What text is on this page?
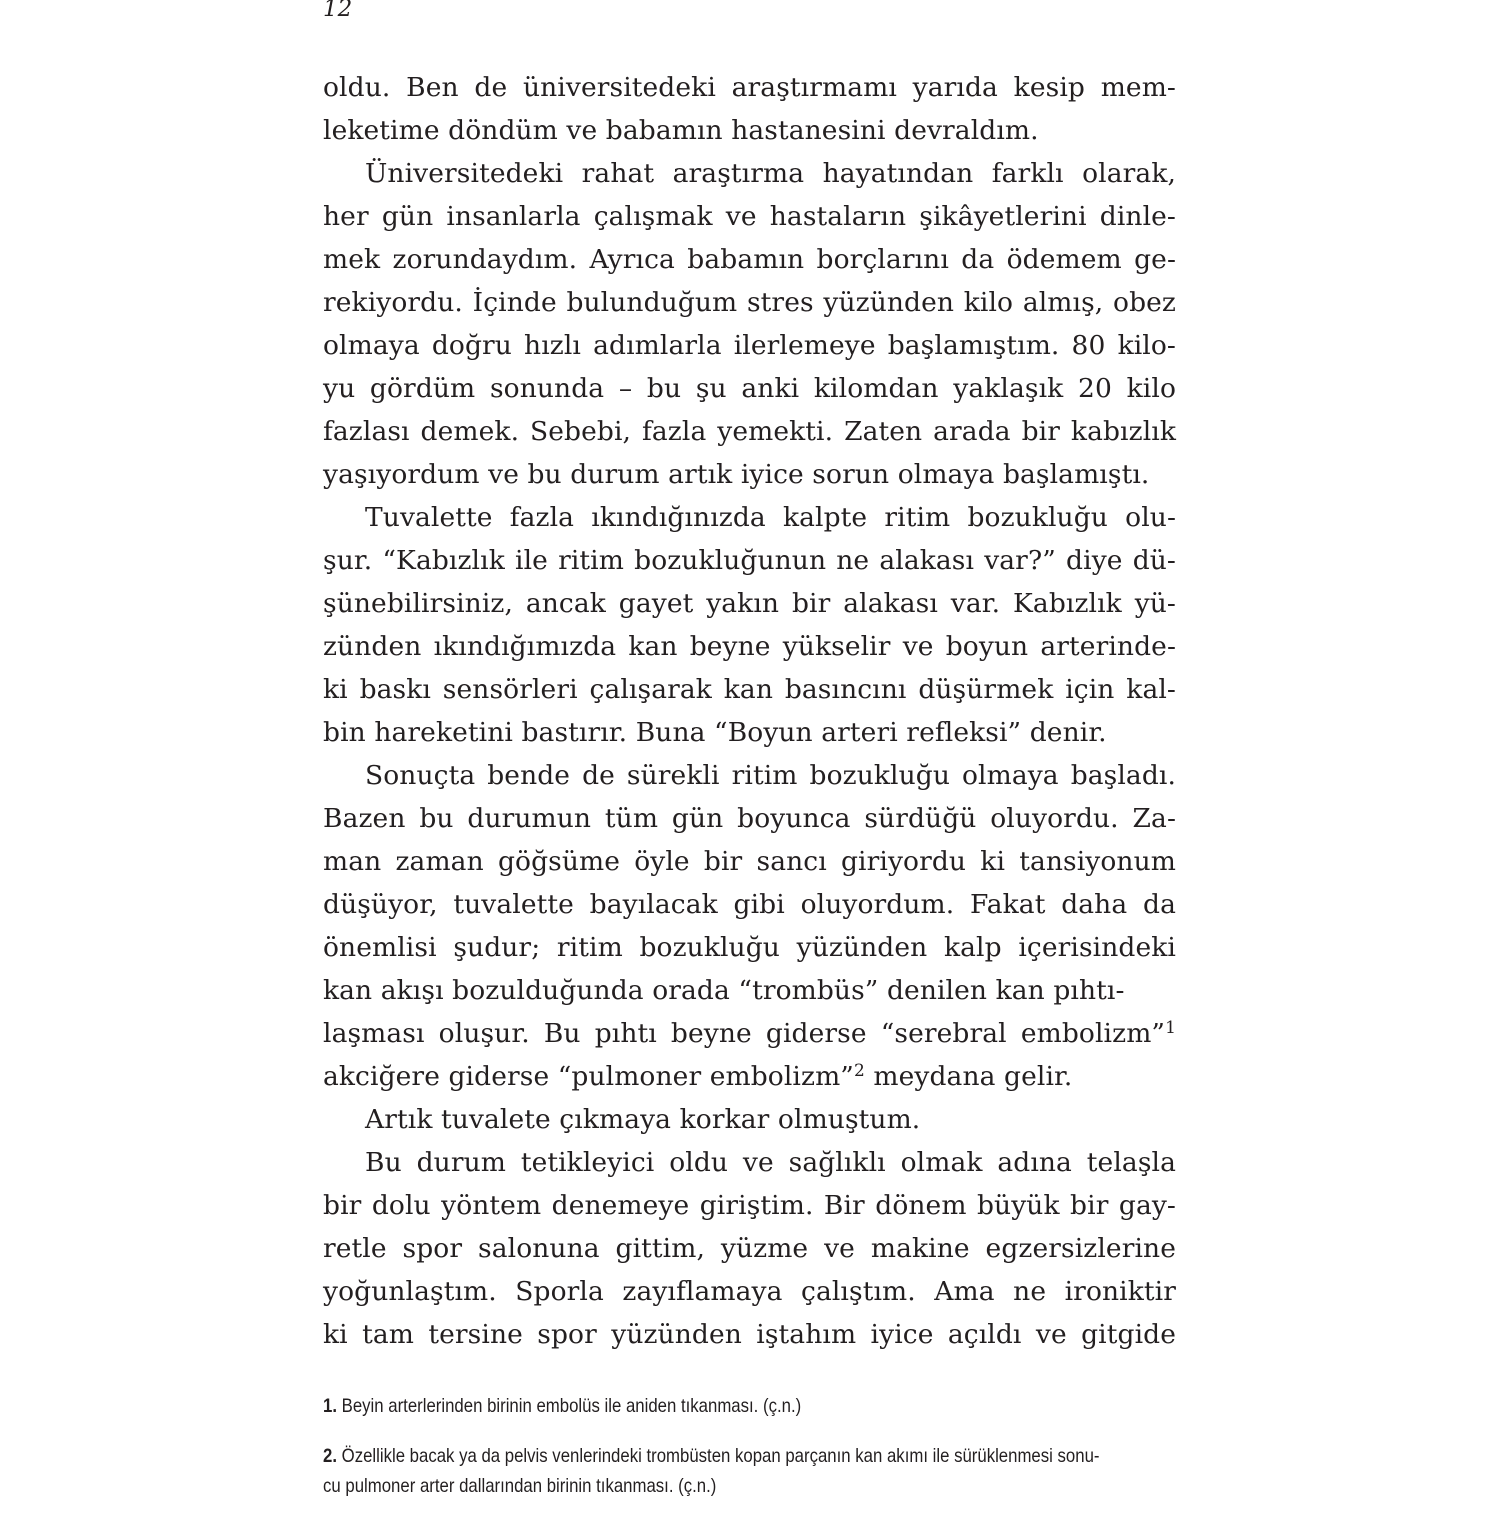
12
oldu. Ben de üniversitedeki araştırmamı yarıda kesip mem-
leketime döndüm ve babamın hastanesini devraldım.
Üniversitedeki rahat araştırma hayatından farklı olarak,
her gün insanlarla çalışmak ve hastaların şikâyetlerini dinle-
mek zorundaydım. Ayrıca babamın borçlarını da ödemem ge-
rekiyordu. İçinde bulunduğum stres yüzünden kilo almış, obez
olmaya doğru hızlı adımlarla ilerlemeye başlamıştım. 80 kilo-
yu gördüm sonunda – bu şu anki kilomdan yaklaşık 20 kilo
fazlası demek. Sebebi, fazla yemekti. Zaten arada bir kabızlık
yaşıyordum ve bu durum artık iyice sorun olmaya başlamıştı.
Tuvalette fazla ıkındığınızda kalpte ritim bozukluğu olu-
şur. “Kabızlık ile ritim bozukluğunun ne alakası var?” diye dü-
şünebilirsiniz, ancak gayet yakın bir alakası var. Kabızlık yü-
zünden ıkındığımızda kan beyne yükselir ve boyun arterinde-
ki baskı sensörleri çalışarak kan basıncını düşürmek için kal-
bin hareketini bastırır. Buna “Boyun arteri refleksi” denir.
Sonuçta bende de sürekli ritim bozukluğu olmaya başladı.
Bazen bu durumun tüm gün boyunca sürdüğü oluyordu. Za-
man zaman göğsüme öyle bir sancı giriyordu ki tansiyonum
düşüyor, tuvalette bayılacak gibi oluyordum. Fakat daha da
önemlisi şudur; ritim bozukluğu yüzünden kalp içerisindeki
kan akışı bozulduğunda orada “trombüs” denilen kan pıhtı-
laşması oluşur. Bu pıhtı beyne giderse “serebral embolizm”$^1$
akciğere giderse “pulmoner embolizm”$^2$ meydana gelir.
Artık tuvalete çıkmaya korkar olmuştum.
Bu durum tetikleyici oldu ve sağlıklı olmak adına telaşla
bir dolu yöntem denemeye giriştim. Bir dönem büyük bir gay-
retle spor salonuna gittim, yüzme ve makine egzersizlerine
yoğunlaştım. Sporla zayıflamaya çalıştım. Ama ne ironiktir
ki tam tersine spor yüzünden iştahım iyice açıldı ve gitgide
1. Beyin arterlerinden birinin embolüs ile aniden tıkanması. (ç.n.)
2. Özellikle bacak ya da pelvis venlerindeki trombüsten kopan parçanın kan akımı ile sürüklenmesi sonu-
cu pulmoner arter dallarından birinin tıkanması. (ç.n.)
